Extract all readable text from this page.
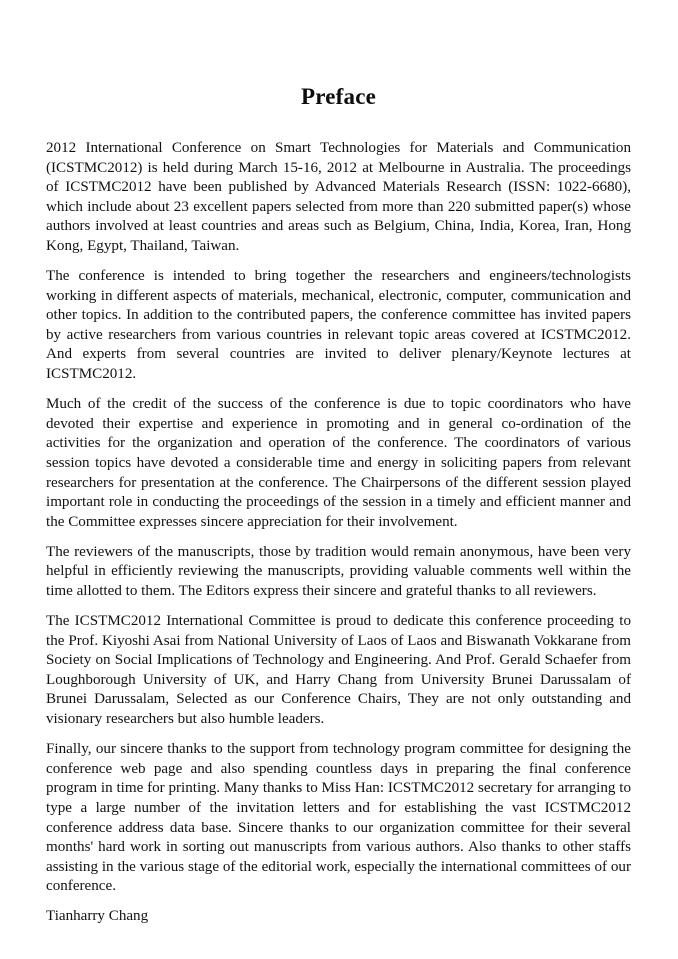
Preface

2012 International Conference on Smart Technologies for Materials and Communication (ICSTMC2012) is held during March 15-16, 2012 at Melbourne in Australia. The proceedings of ICSTMC2012 have been published by Advanced Materials Research (ISSN: 1022-6680), which include about 23 excellent papers selected from more than 220 submitted paper(s) whose authors involved at least countries and areas such as Belgium, China, India, Korea, Iran, Hong Kong, Egypt, Thailand, Taiwan.

The conference is intended to bring together the researchers and engineers/technologists working in different aspects of materials, mechanical, electronic, computer, communication and other topics. In addition to the contributed papers, the conference committee has invited papers by active researchers from various countries in relevant topic areas covered at ICSTMC2012. And experts from several countries are invited to deliver plenary/Keynote lectures at ICSTMC2012.

Much of the credit of the success of the conference is due to topic coordinators who have devoted their expertise and experience in promoting and in general co-ordination of the activities for the organization and operation of the conference. The coordinators of various session topics have devoted a considerable time and energy in soliciting papers from relevant researchers for presentation at the conference. The Chairpersons of the different session played important role in conducting the proceedings of the session in a timely and efficient manner and the Committee expresses sincere appreciation for their involvement.

The reviewers of the manuscripts, those by tradition would remain anonymous, have been very helpful in efficiently reviewing the manuscripts, providing valuable comments well within the time allotted to them. The Editors express their sincere and grateful thanks to all reviewers.

The ICSTMC2012 International Committee is proud to dedicate this conference proceeding to the Prof. Kiyoshi Asai from National University of Laos of Laos and Biswanath Vokkarane from Society on Social Implications of Technology and Engineering. And Prof. Gerald Schaefer from Loughborough University of UK, and Harry Chang from University Brunei Darussalam of Brunei Darussalam, Selected as our Conference Chairs, They are not only outstanding and visionary researchers but also humble leaders.

Finally, our sincere thanks to the support from technology program committee for designing the conference web page and also spending countless days in preparing the final conference program in time for printing. Many thanks to Miss Han: ICSTMC2012 secretary for arranging to type a large number of the invitation letters and for establishing the vast ICSTMC2012 conference address data base. Sincere thanks to our organization committee for their several months' hard work in sorting out manuscripts from various authors. Also thanks to other staffs assisting in the various stage of the editorial work, especially the international committees of our conference.

Tianharry Chang
